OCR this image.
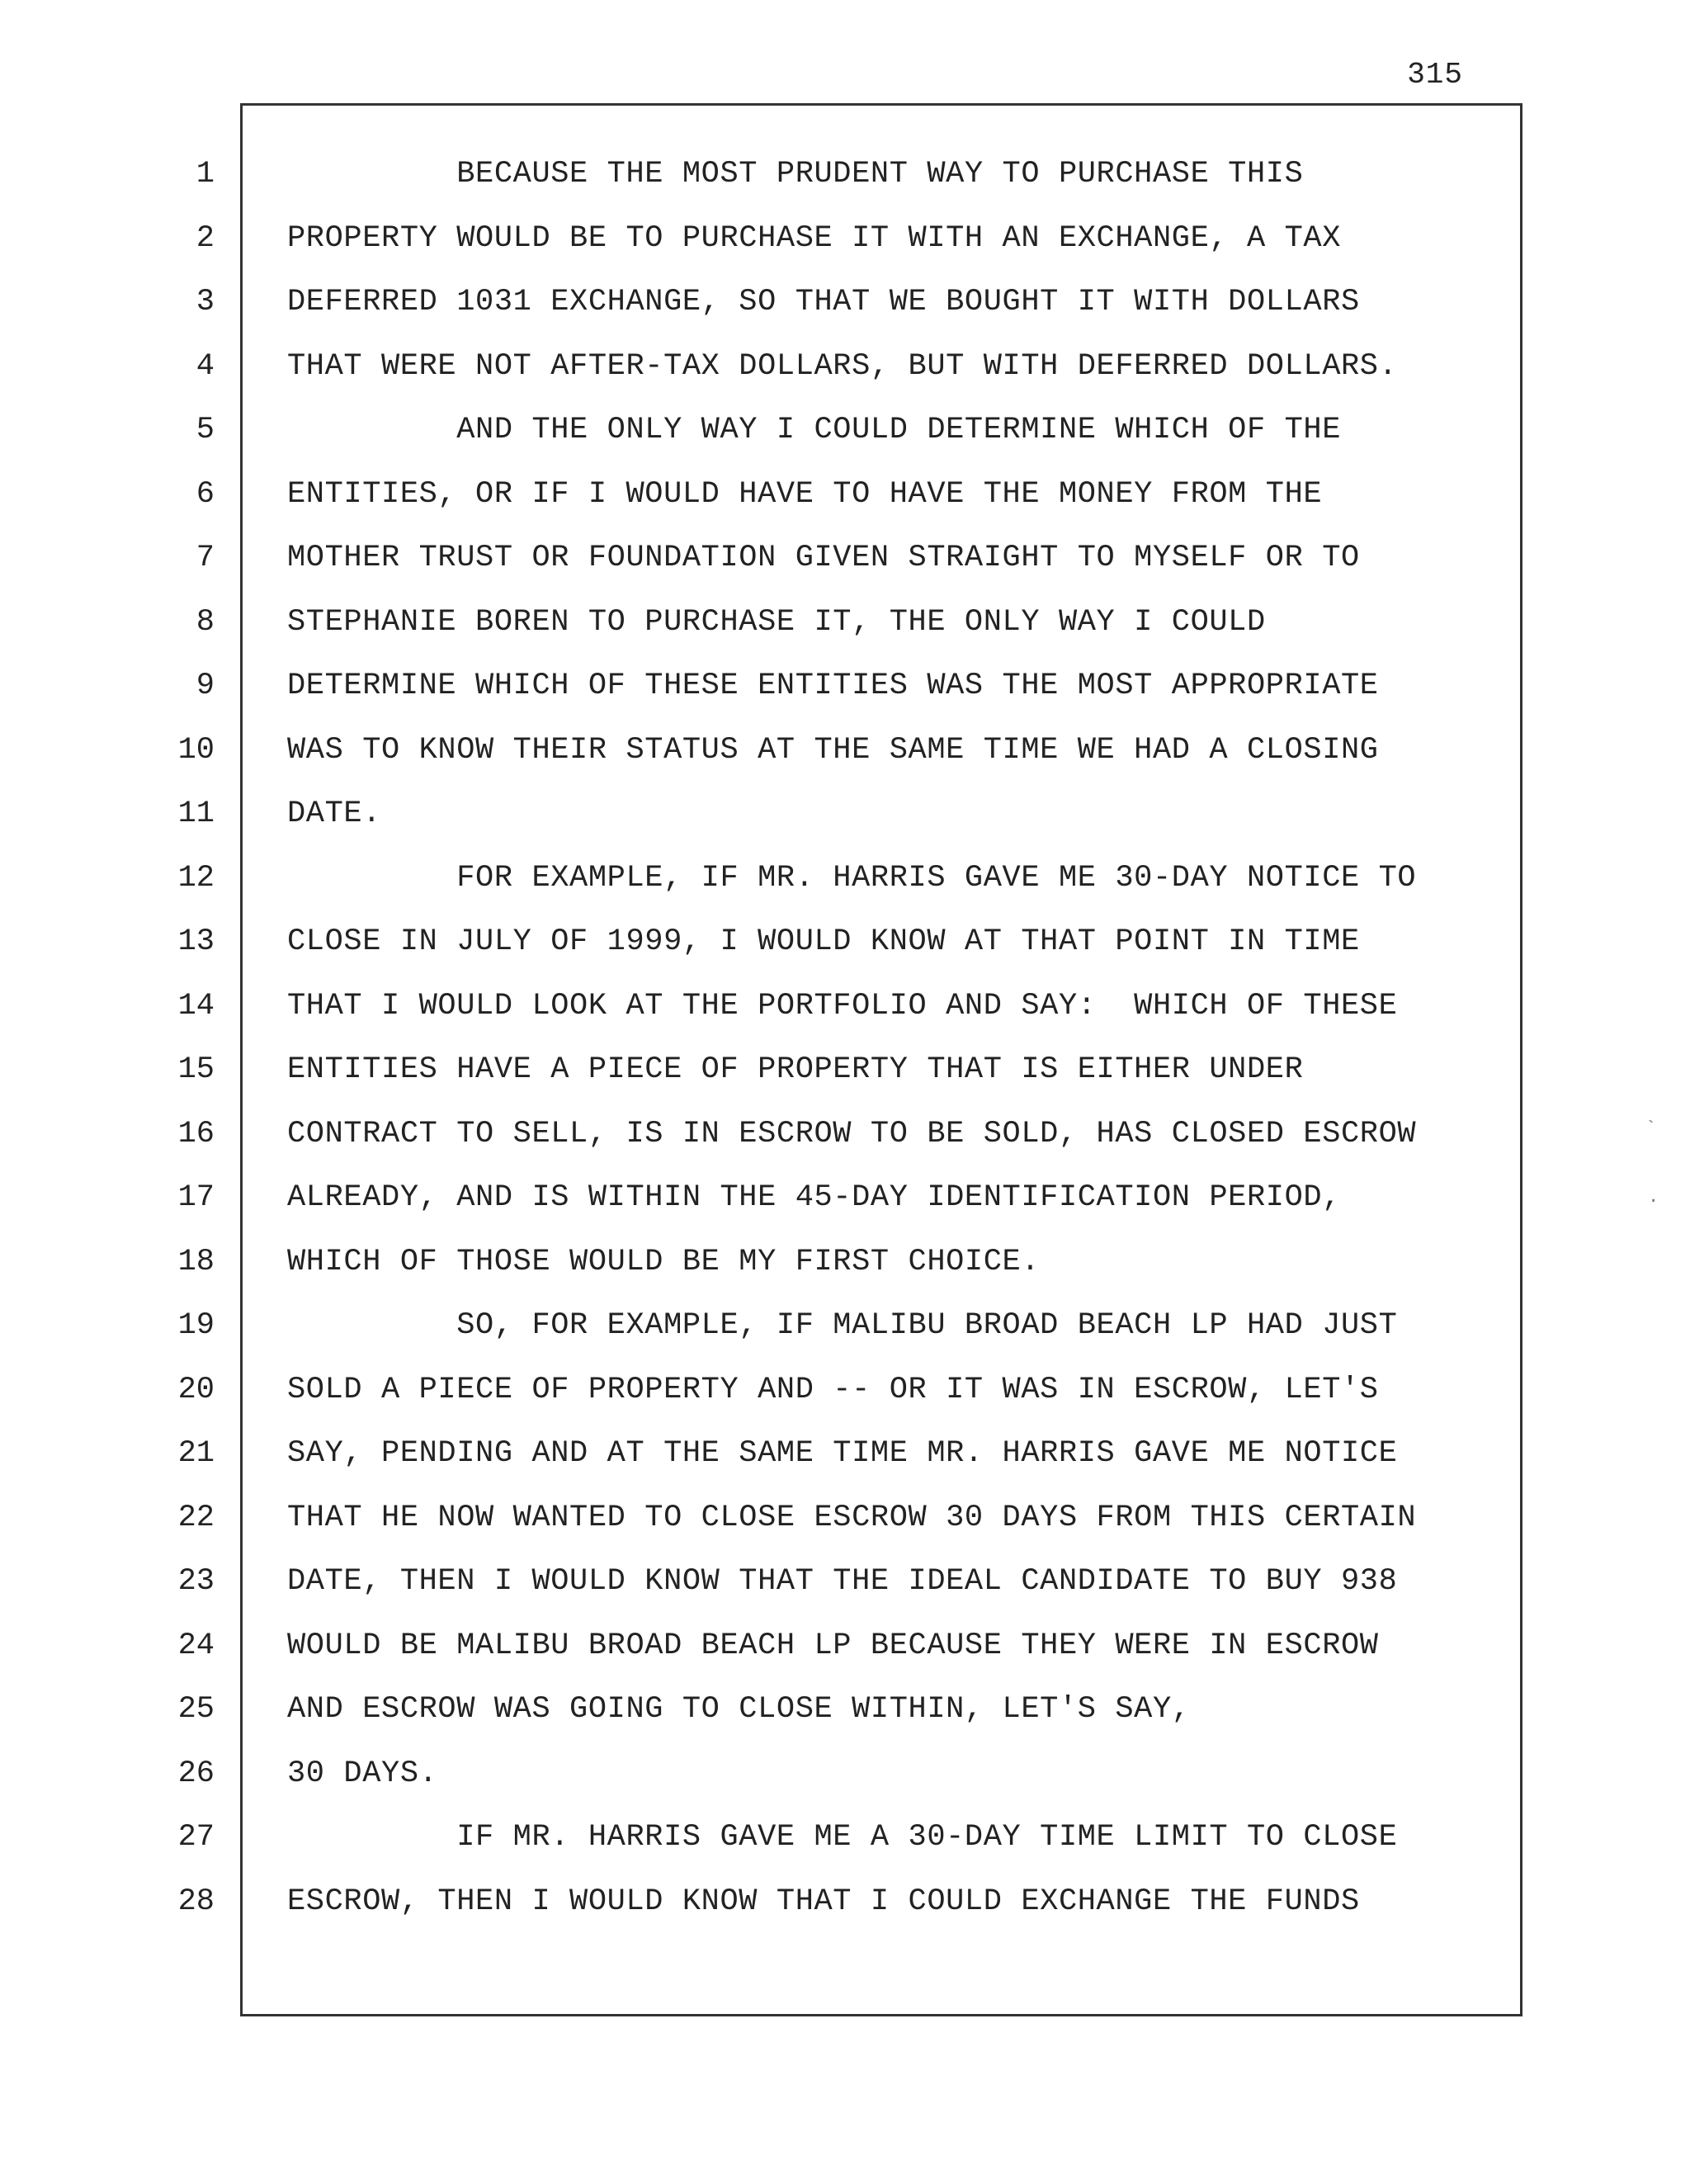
315
1 BECAUSE THE MOST PRUDENT WAY TO PURCHASE THIS
2 PROPERTY WOULD BE TO PURCHASE IT WITH AN EXCHANGE, A TAX
3 DEFERRED 1031 EXCHANGE, SO THAT WE BOUGHT IT WITH DOLLARS
4 THAT WERE NOT AFTER-TAX DOLLARS, BUT WITH DEFERRED DOLLARS.
5 AND THE ONLY WAY I COULD DETERMINE WHICH OF THE
6 ENTITIES, OR IF I WOULD HAVE TO HAVE THE MONEY FROM THE
7 MOTHER TRUST OR FOUNDATION GIVEN STRAIGHT TO MYSELF OR TO
8 STEPHANIE BOREN TO PURCHASE IT, THE ONLY WAY I COULD
9 DETERMINE WHICH OF THESE ENTITIES WAS THE MOST APPROPRIATE
10 WAS TO KNOW THEIR STATUS AT THE SAME TIME WE HAD A CLOSING
11 DATE.
12 FOR EXAMPLE, IF MR. HARRIS GAVE ME 30-DAY NOTICE TO
13 CLOSE IN JULY OF 1999, I WOULD KNOW AT THAT POINT IN TIME
14 THAT I WOULD LOOK AT THE PORTFOLIO AND SAY:  WHICH OF THESE
15 ENTITIES HAVE A PIECE OF PROPERTY THAT IS EITHER UNDER
16 CONTRACT TO SELL, IS IN ESCROW TO BE SOLD, HAS CLOSED ESCROW
17 ALREADY, AND IS WITHIN THE 45-DAY IDENTIFICATION PERIOD,
18 WHICH OF THOSE WOULD BE MY FIRST CHOICE.
19 SO, FOR EXAMPLE, IF MALIBU BROAD BEACH LP HAD JUST
20 SOLD A PIECE OF PROPERTY AND -- OR IT WAS IN ESCROW, LET'S
21 SAY, PENDING AND AT THE SAME TIME MR. HARRIS GAVE ME NOTICE
22 THAT HE NOW WANTED TO CLOSE ESCROW 30 DAYS FROM THIS CERTAIN
23 DATE, THEN I WOULD KNOW THAT THE IDEAL CANDIDATE TO BUY 938
24 WOULD BE MALIBU BROAD BEACH LP BECAUSE THEY WERE IN ESCROW
25 AND ESCROW WAS GOING TO CLOSE WITHIN, LET'S SAY,
26 30 DAYS.
27 IF MR. HARRIS GAVE ME A 30-DAY TIME LIMIT TO CLOSE
28 ESCROW, THEN I WOULD KNOW THAT I COULD EXCHANGE THE FUNDS
`
.
